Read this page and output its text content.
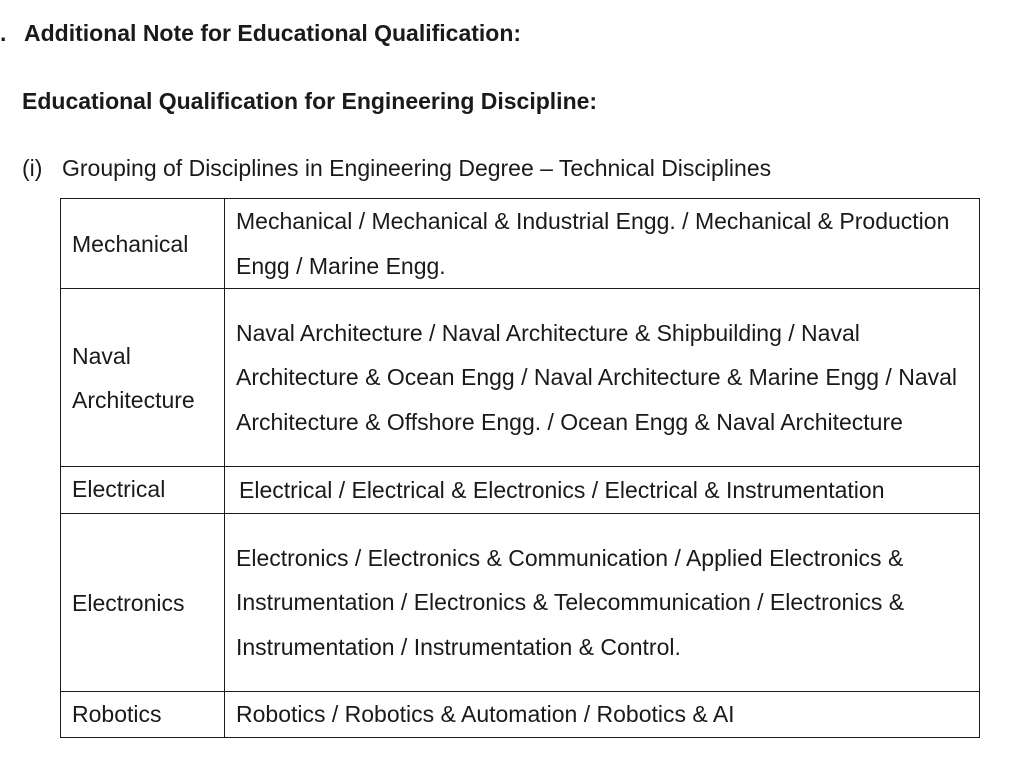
. Additional Note for Educational Qualification:
Educational Qualification for Engineering Discipline:
(i) Grouping of Disciplines in Engineering Degree – Technical Disciplines
Mechanical	Mechanical / Mechanical & Industrial Engg. / Mechanical & Production Engg / Marine Engg.
Naval Architecture	Naval Architecture / Naval Architecture & Shipbuilding / Naval Architecture & Ocean Engg / Naval Architecture & Marine Engg / Naval Architecture & Offshore Engg. / Ocean Engg & Naval Architecture

Electrical	Electrical / Electrical & Electronics / Electrical & Instrumentation
Electronics	Electronics / Electronics & Communication / Applied Electronics & Instrumentation / Electronics & Telecommunication / Electronics & Instrumentation / Instrumentation & Control.

Robotics	Robotics / Robotics & Automation / Robotics & AI
